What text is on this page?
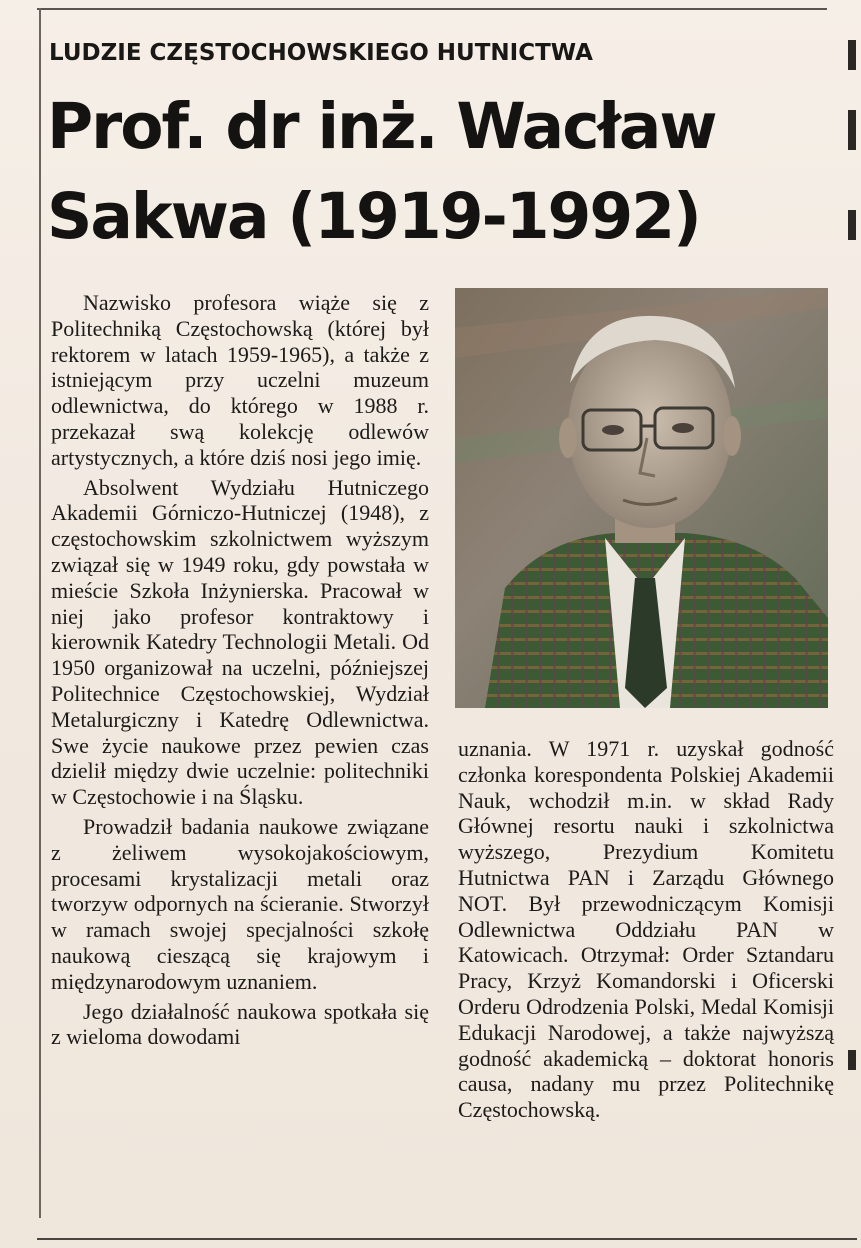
LUDZIE CZĘSTOCHOWSKIEGO HUTNICTWA
Prof. dr inż. Wacław Sakwa (1919-1992)

Nazwisko profesora wiąże się z Politechniką Częstochowską (której był rektorem w latach 1959-1965), a także z istniejącym przy uczelni muzeum odlewnictwa, do którego w 1988 r. przekazał swą kolekcję odlewów artystycznych, a które dziś nosi jego imię.

Absolwent Wydziału Hutniczego Akademii Górniczo-Hutniczej (1948), z częstochowskim szkolnictwem wyższym związał się w 1949 roku, gdy powstała w mieście Szkoła Inżynierska. Pracował w niej jako profesor kontraktowy i kierownik Katedry Technologii Metali. Od 1950 organizował na uczelni, późniejszej Politechnice Częstochowskiej, Wydział Metalurgiczny i Katedrę Odlewnictwa. Swe życie naukowe przez pewien czas dzielił między dwie uczelnie: politechniki w Częstochowie i na Śląsku.

Prowadził badania naukowe związane z żeliwem wysokojakościowym, procesami krystalizacji metali oraz tworzyw odpornych na ścieranie. Stworzył w ramach swojej specjalności szkołę naukową cieszącą się krajowym i międzynarodowym uznaniem.

Jego działalność naukowa spotkała się z wieloma dowodami

uznania. W 1971 r. uzyskał godność członka korespondenta Polskiej Akademii Nauk, wchodził m.in. w skład Rady Głównej resortu nauki i szkolnictwa wyższego, Prezydium Komitetu Hutnictwa PAN i Zarządu Głównego NOT. Był przewodniczącym Komisji Odlewnictwa Oddziału PAN w Katowicach. Otrzymał: Order Sztandaru Pracy, Krzyż Komandorski i Oficerski Orderu Odrodzenia Polski, Medal Komisji Edukacji Narodowej, a także najwyższą godność akademicką – doktorat honoris causa, nadany mu przez Politechnikę Częstochowską.
